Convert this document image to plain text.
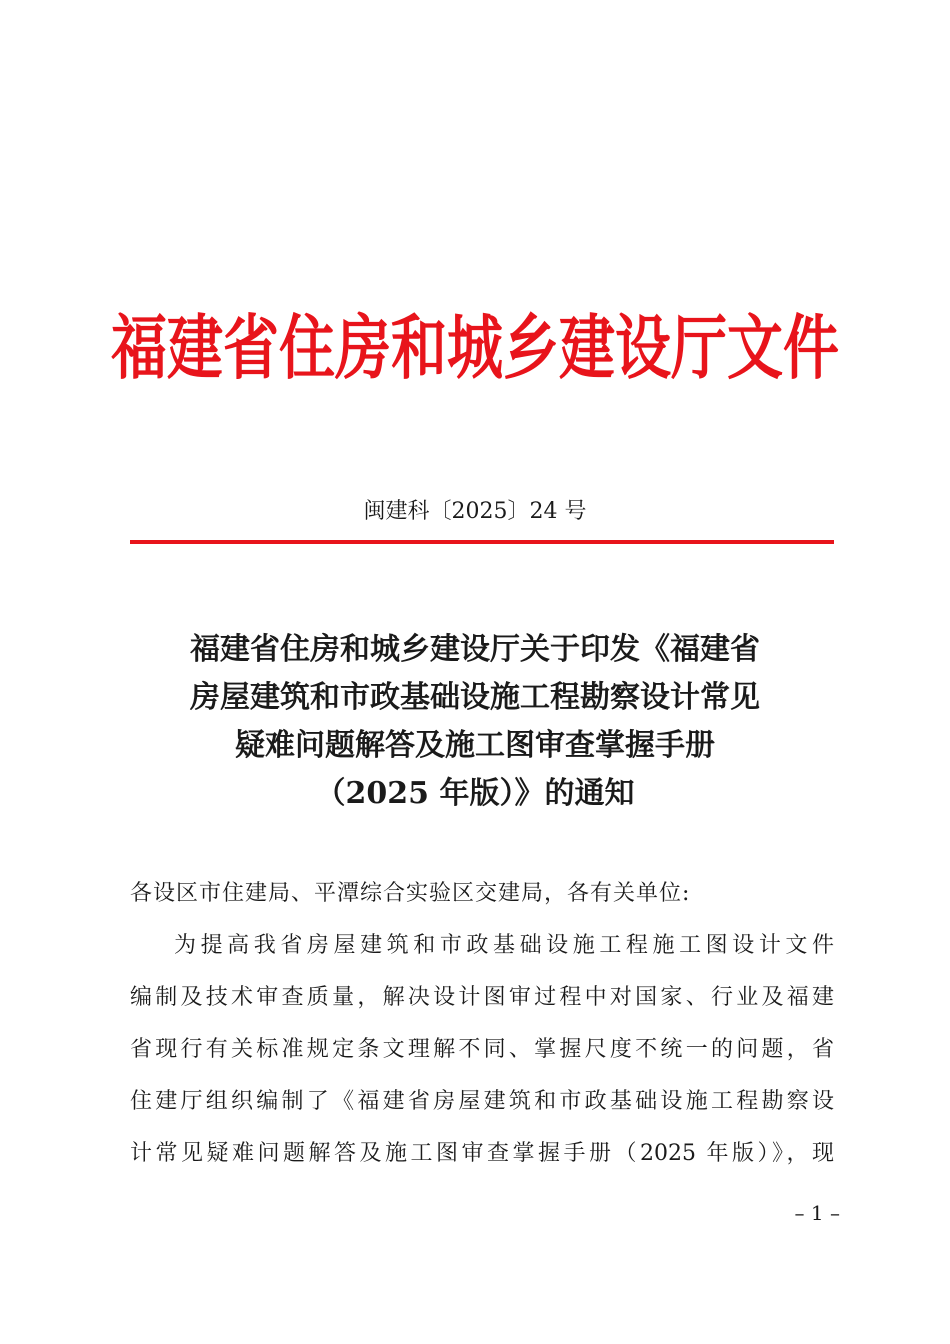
福建省住房和城乡建设厅文件
闽建科〔2025〕24 号
福建省住房和城乡建设厅关于印发《福建省
房屋建筑和市政基础设施工程勘察设计常见
疑难问题解答及施工图审查掌握手册
（2025 年版）》的通知
各设区市住建局、平潭综合实验区交建局，各有关单位:
为提高我省房屋建筑和市政基础设施工程施工图设计文件
编制及技术审查质量，解决设计图审过程中对国家、行业及福建
省现行有关标准规定条文理解不同、掌握尺度不统一的问题，省
住建厅组织编制了《福建省房屋建筑和市政基础设施工程勘察设
计常见疑难问题解答及施工图审查掌握手册（2025 年版）》，现
– 1 –
